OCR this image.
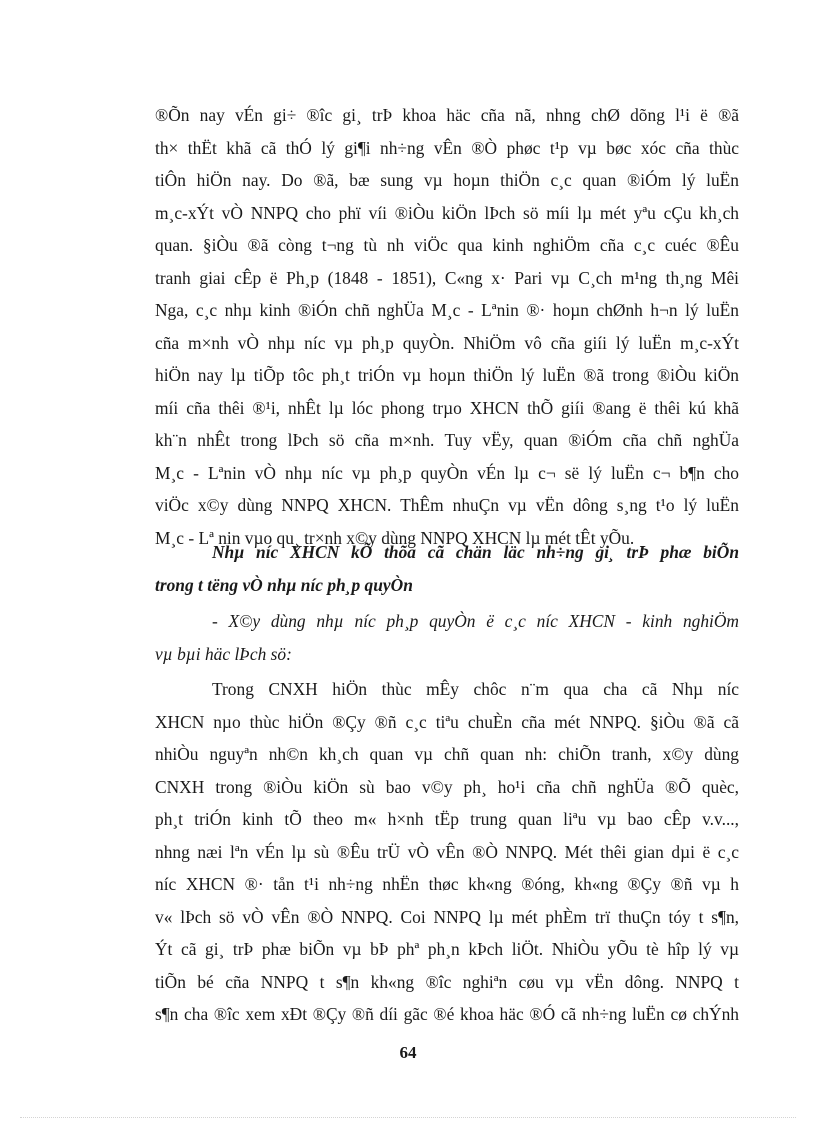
®Õn nay vÉn gi÷ ®îc gi¸ trÞ khoa häc cña nã, nhng chØ dõng l¹i ë ®ã
th× thËt khã cã thÓ lý gi¶i nh÷ng vÊn ®Ò phøc t¹p vµ bøc xóc cña thùc
tiÔn hiÖn nay. Do ®ã, bæ sung vµ hoµn thiÖn c¸c quan ®iÓm lý luËn
m¸c-xÝt vÒ NNPQ cho phï víi ®iÒu kiÖn lÞch sö míi lµ mét yªu cÇu kh¸ch
quan. §iÒu ®ã còng t¬ng tù nh viÖc qua kinh nghiÖm cña c¸c cuéc ®Êu
tranh giai cÊp ë Ph¸p (1848 - 1851), C«ng x· Pari vµ C¸ch m¹ng th¸ng Mêi
Nga, c¸c nhµ kinh ®iÓn chñ nghÜa M¸c - Lªnin ®· hoµn chØnh h¬n lý luËn
cña m×nh vÒ nhµ níc vµ ph¸p quyÒn. NhiÖm vô cña giíi lý luËn m¸c-xÝt
hiÖn nay lµ tiÕp tôc ph¸t triÓn vµ hoµn thiÖn lý luËn ®ã trong ®iÒu kiÖn
míi cña thêi ®¹i, nhÊt lµ lóc phong trµo XHCN thÕ giíi ®ang ë thêi kú khã
kh¨n nhÊt trong lÞch sö cña m×nh. Tuy vËy, quan ®iÓm cña chñ nghÜa
M¸c - Lªnin vÒ nhµ níc vµ ph¸p quyÒn vÉn lµ c¬ së lý luËn c¬ b¶n cho
viÖc x©y dùng NNPQ XHCN. ThÊm nhuÇn vµ vËn dông s¸ng t¹o lý luËn
M¸c - Lª nin vµo qu¸ tr×nh x©y dùng NNPQ XHCN lµ mét tÊt yÕu.
Nhµ níc XHCN kÕ thõa cã chän läc nh÷ng gi¸ trÞ phæ biÕn
trong t tëng vÒ nhµ níc ph¸p quyÒn
- X©y dùng nhµ níc ph¸p quyÒn ë c¸c níc XHCN - kinh nghiÖm
vµ bµi häc lÞch sö:
Trong CNXH hiÖn thùc mÊy chôc n¨m qua cha cã Nhµ níc
XHCN nµo thùc hiÖn ®Çy ®ñ c¸c tiªu chuÈn cña mét NNPQ. §iÒu ®ã cã
nhiÒu nguyªn nh©n kh¸ch quan vµ chñ quan nh: chiÕn tranh, x©y dùng
CNXH trong ®iÒu kiÖn sù bao v©y ph¸ ho¹i cña chñ nghÜa ®Õ quèc,
ph¸t triÓn kinh tÕ theo m« h×nh tËp trung quan liªu vµ bao cÊp v.v...,
nhng næi lªn vÉn lµ sù ®Êu trÜ vÒ vÊn ®Ò NNPQ. Mét thêi gian dµi ë c¸c
níc XHCN ®· tån t¹i nh÷ng nhËn thøc kh«ng ®óng, kh«ng ®Çy ®ñ vµ h
v« lÞch sö vÒ vÊn ®Ò NNPQ. Coi NNPQ lµ mét phÈm trï thuÇn tóy t s¶n,
Ýt cã gi¸ trÞ phæ biÕn vµ bÞ phª ph¸n kÞch liÖt. NhiÒu yÕu tè hîp lý vµ
tiÕn bé cña NNPQ t s¶n kh«ng ®îc nghiªn cøu vµ vËn dông. NNPQ t
s¶n cha ®îc xem xÐt ®Çy ®ñ díi gãc ®é khoa häc ®Ó cã nh÷ng luËn cø chÝnh
64
